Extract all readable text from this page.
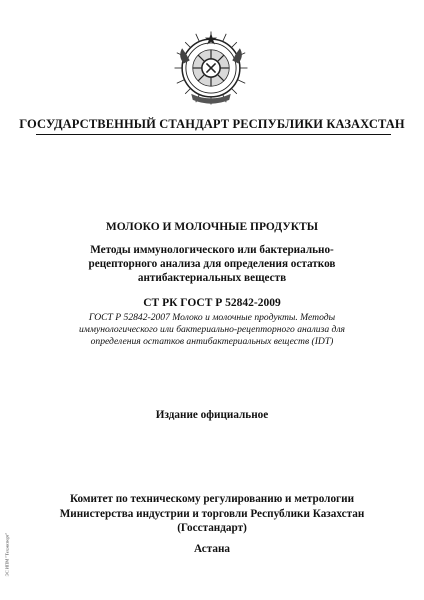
ГОСУДАРСТВЕННЫЙ СТАНДАРТ РЕСПУБЛИКИ КАЗАХСТАН
МОЛОКО И МОЛОЧНЫЕ ПРОДУКТЫ
Методы иммунологического или бактериально-
рецепторного анализа для определения остатков
антибактериальных веществ
СТ РК ГОСТ Р 52842-2009
ГОСТ Р 52842-2007 Молоко и молочные продукты. Методы
иммунологического или бактериально-рецепторного анализа для
определения остатков антибактериальных веществ (IDT)
Издание официальное
Комитет по техническому регулированию и метрологии
Министерства индустрии и торговли Республики Казахстан
(Госстандарт)
Астана
ЭС ИПМ "Техэксперт"
